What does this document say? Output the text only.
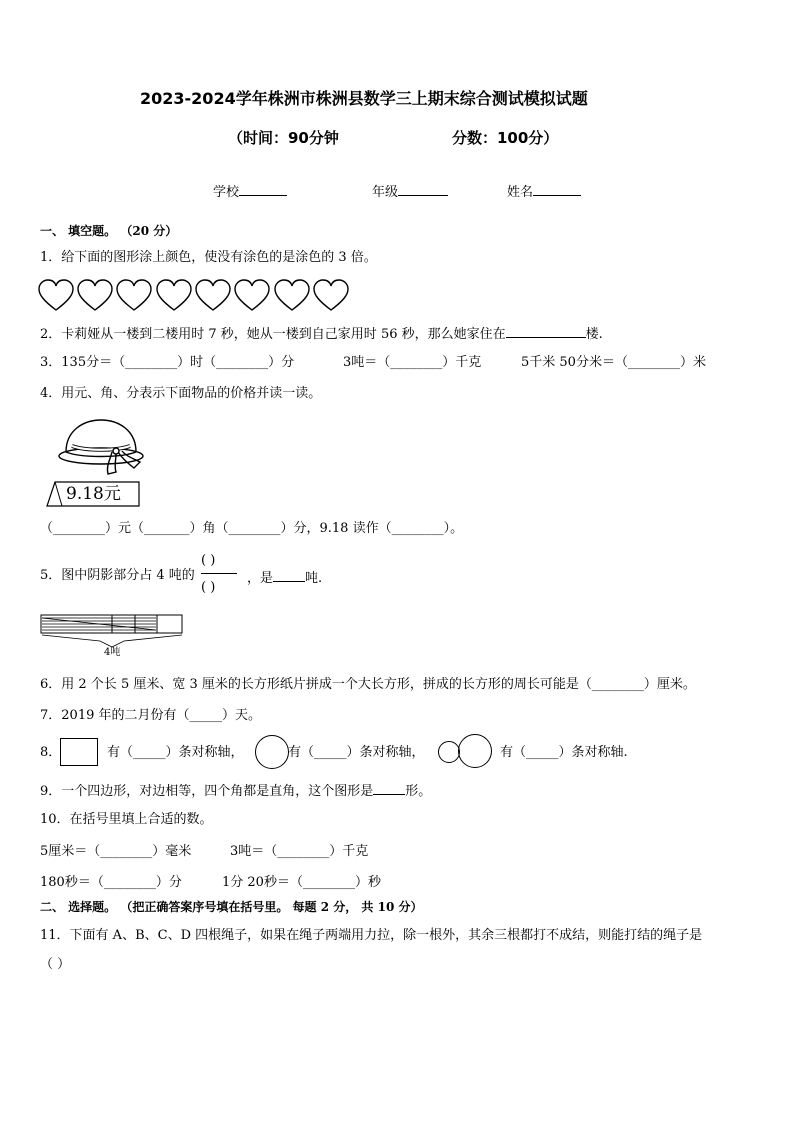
2023-2024学年株洲市株洲县数学三上期末综合测试模拟试题
（时间：90分钟	分数：100分）
学校	年级	姓名
一、 填空题。 （20 分）
1．给下面的图形涂上颜色，使没有涂色的是涂色的 3 倍。
2．卡莉娅从一楼到二楼用时 7 秒，她从一楼到自己家用时 56 秒，那么她家住在	楼.
3．135分＝（________）时（________）分	3吨＝（________）千克	5千米 50分米＝（________）米
4．用元、角、分表示下面物品的价格并读一读。
9.18元
（________）元（_______）角（________）分，9.18 读作（________）。
5．图中阴影部分占 4 吨的
( )
( )
，是 吨.
4吨
6．用 2 个长 5 厘米、宽 3 厘米的长方形纸片拼成一个大长方形，拼成的长方形的周长可能是（________）厘米。
7．2019 年的二月份有（_____）天。
8．	有（_____）条对称轴，	有（_____）条对称轴，	有（_____）条对称轴.
9．一个四边形，对边相等，四个角都是直角，这个图形是 形。
10．在括号里填上合适的数。
5厘米＝（________）毫米	3吨＝（________）千克
180秒＝（________）分	1分 20秒＝（________）秒
二、 选择题。 （把正确答案序号填在括号里。 每题 2 分， 共 10 分）
11．下面有 A、B、C、D 四根绳子，如果在绳子两端用力拉，除一根外，其余三根都打不成结，则能打结的绳子是
（ ）
